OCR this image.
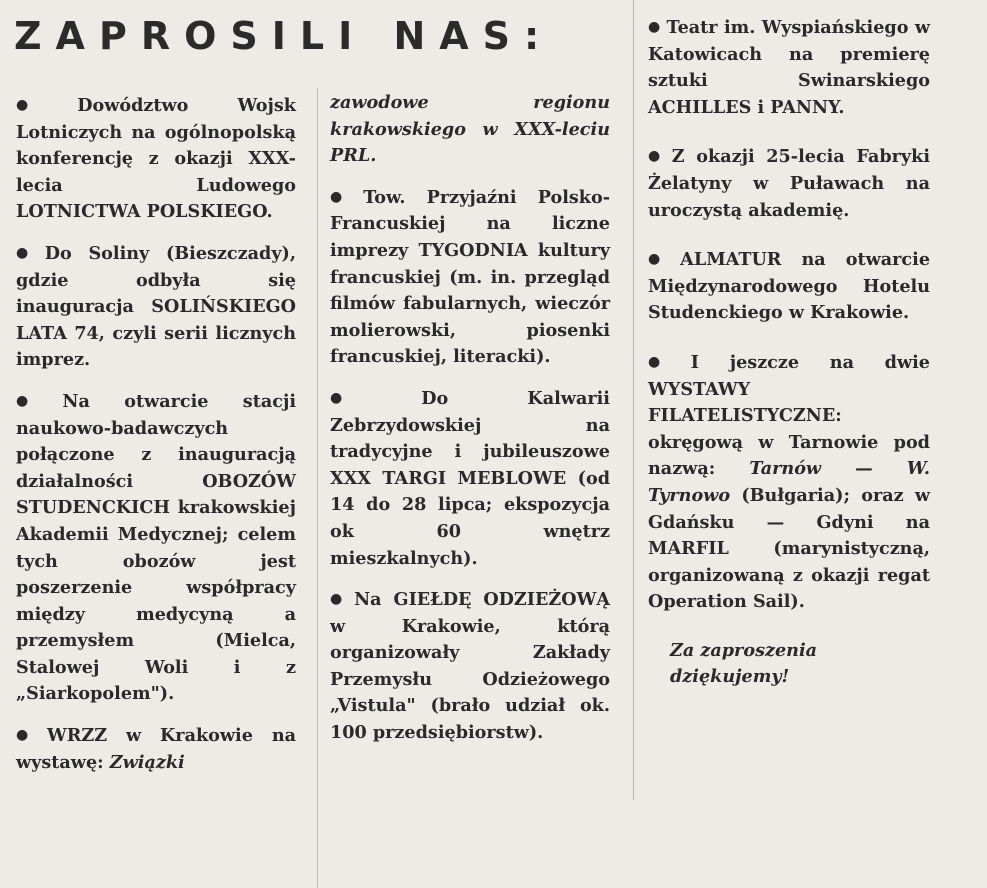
ZAPROSILI NAS:

● Dowództwo Wojsk Lotniczych na ogólnopolską konferencję z okazji XXX-lecia Ludowego LOTNICTWA POLSKIEGO.

● Do Soliny (Bieszczady), gdzie odbyła się inauguracja SOLIŃSKIEGO LATA 74, czyli serii licznych imprez.

● Na otwarcie stacji naukowo-badawczych połączone z inauguracją działalności OBOZÓW STUDENCKICH krakowskiej Akademii Medycznej; celem tych obozów jest poszerzenie współpracy między medycyną a przemysłem (Mielca, Stalowej Woli i z „Siarkopolem").

● WRZZ w Krakowie na wystawę: Związki

zawodowe regionu krakowskiego w XXX-leciu PRL.

● Tow. Przyjaźni Polsko-Francuskiej na liczne imprezy TYGODNIA kultury francuskiej (m. in. przegląd filmów fabularnych, wieczór molierowski, piosenki francuskiej, literacki).

● Do Kalwarii Zebrzydowskiej na tradycyjne i jubileuszowe XXX TARGI MEBLOWE (od 14 do 28 lipca; ekspozycja ok 60 wnętrz mieszkalnych).

● Na GIEŁDĘ ODZIEŻOWĄ w Krakowie, którą organizowały Zakłady Przemysłu Odzieżowego „Vistula" (brało udział ok. 100 przedsiębiorstw).

● Teatr im. Wyspiańskiego w Katowicach na premierę sztuki Swinarskiego ACHILLES i PANNY.

● Z okazji 25-lecia Fabryki Żelatyny w Puławach na uroczystą akademię.

● ALMATUR na otwarcie Międzynarodowego Hotelu Studenckiego w Krakowie.

● I jeszcze na dwie WYSTAWY FILATELISTYCZNE: okręgową w Tarnowie pod nazwą: Tarnów — W. Tyrnowo (Bułgaria); oraz w Gdańsku — Gdyni na MARFIL (marynistyczną, organizowaną z okazji regat Operation Sail).

Za zaproszenia dziękujemy!
